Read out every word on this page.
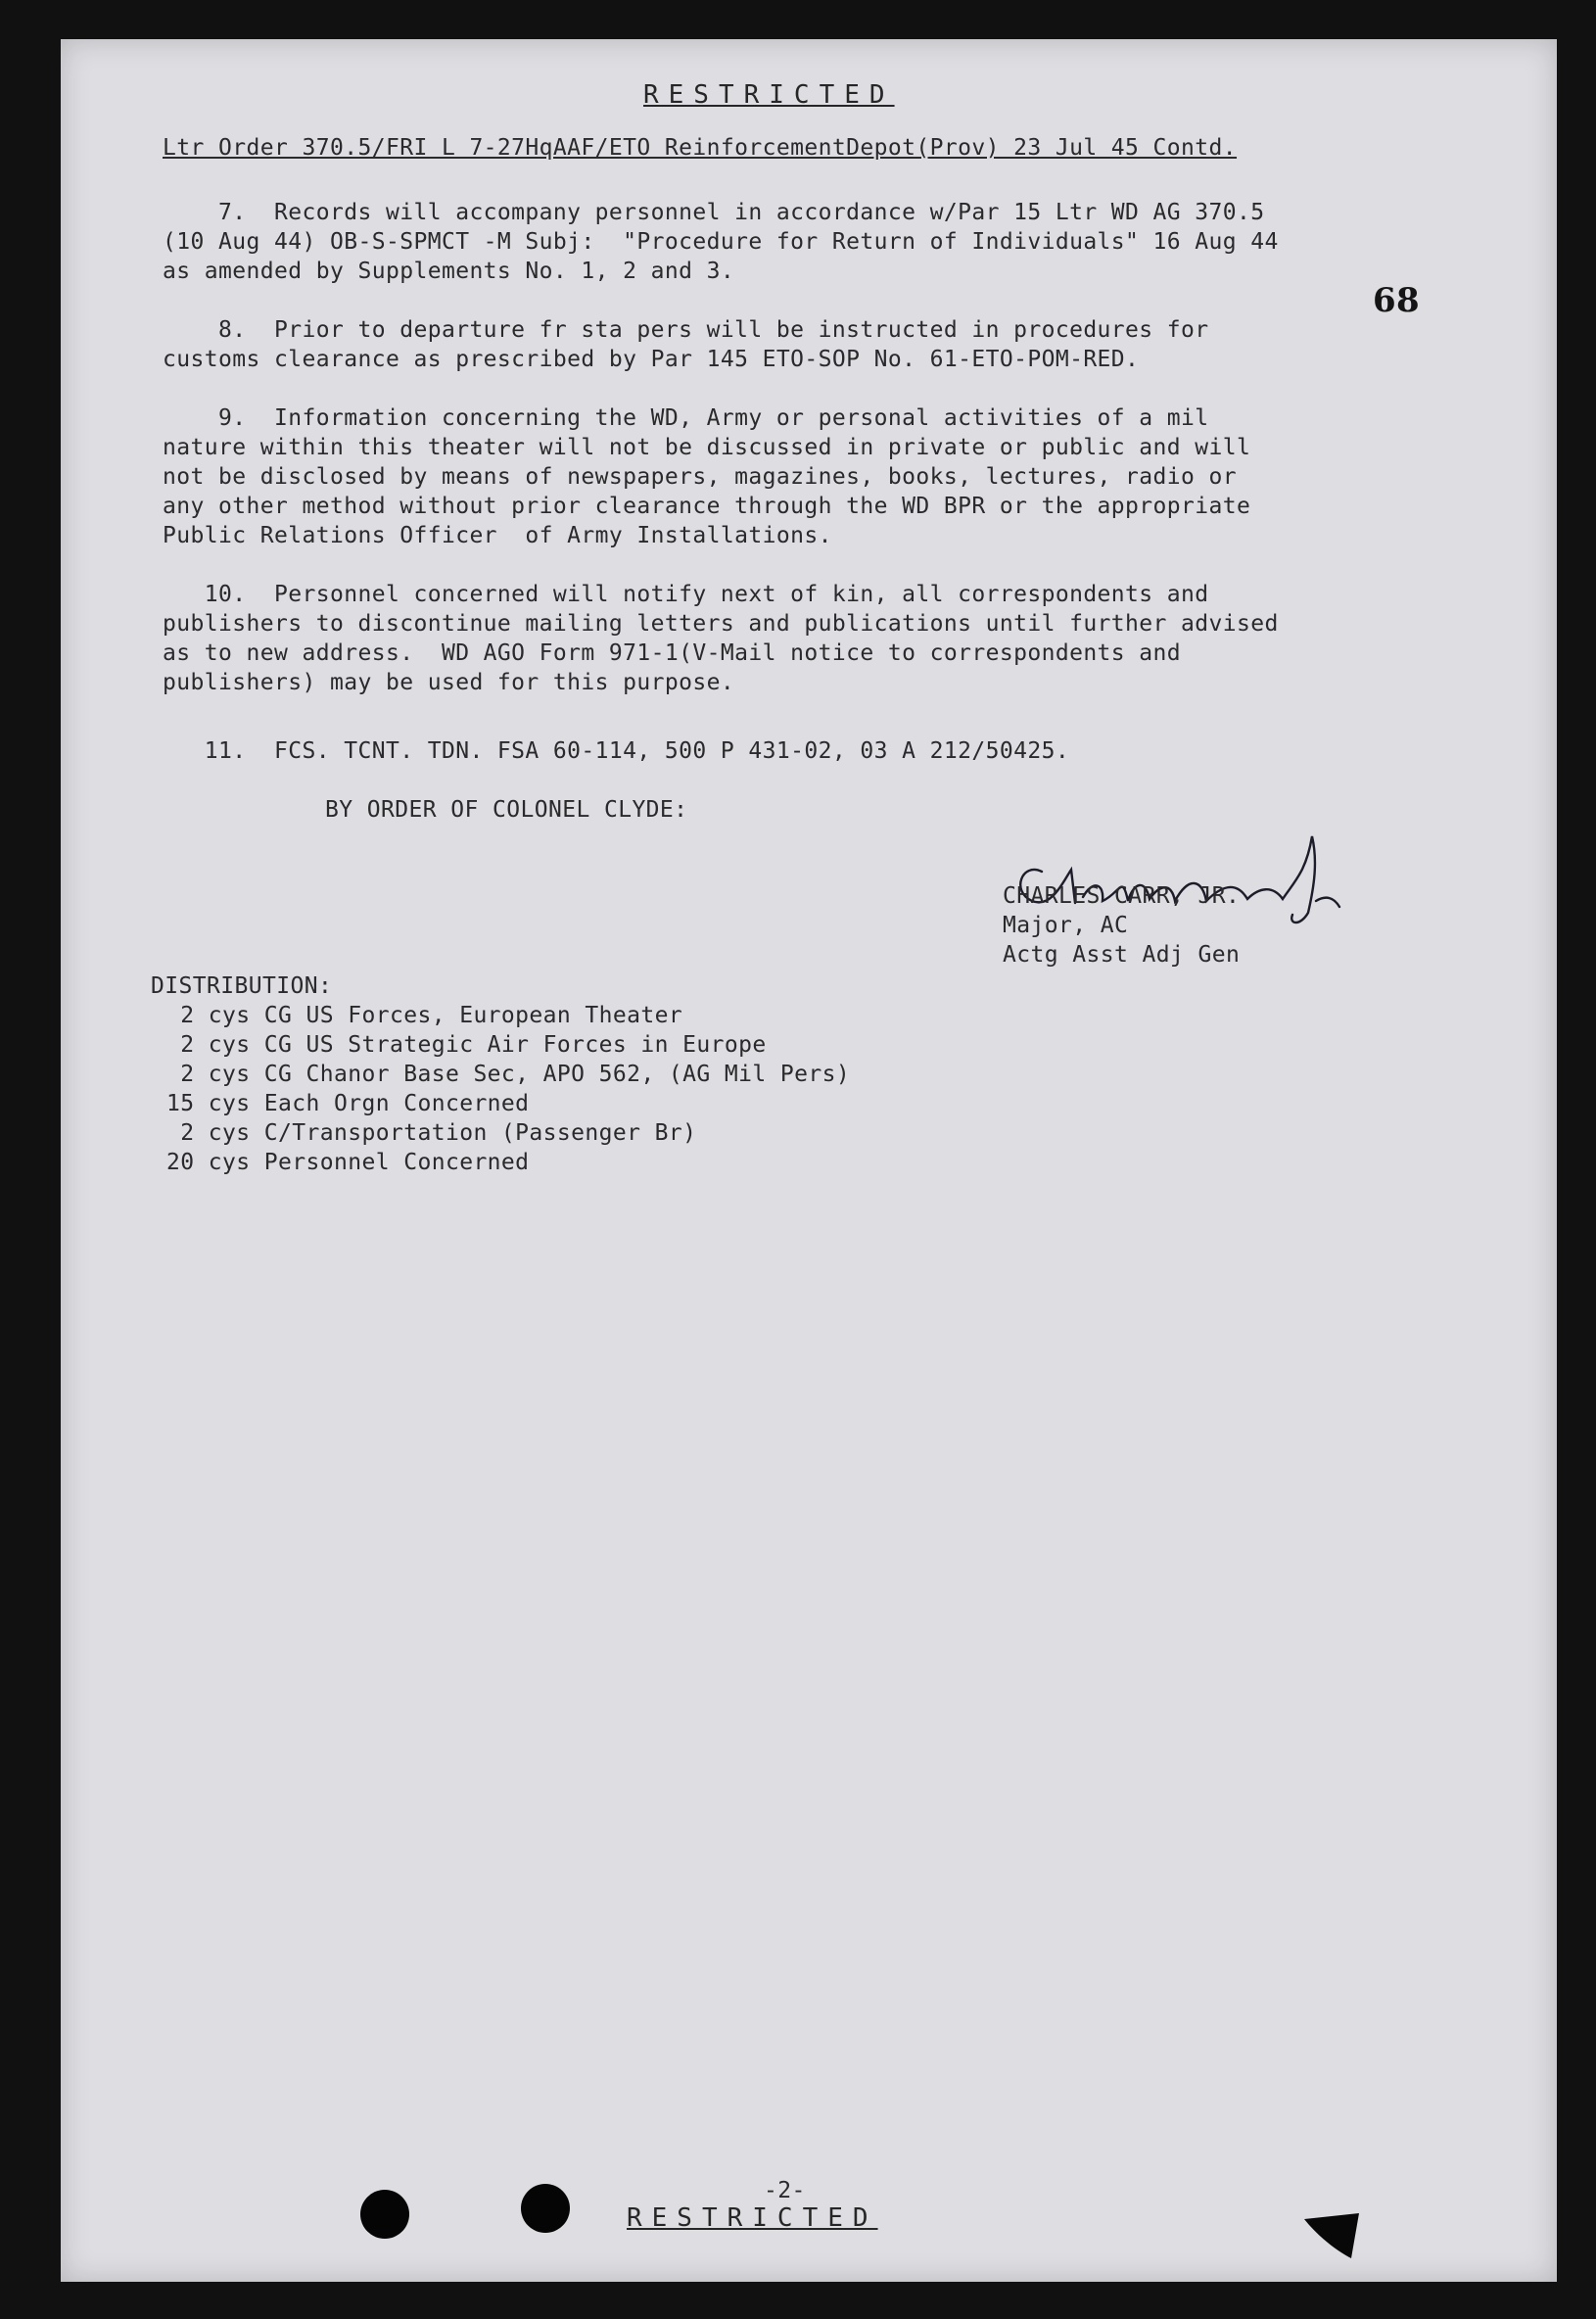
RESTRICTED

Ltr Order 370.5/FRI L 7-27HqAAF/ETO ReinforcementDepot(Prov) 23 Jul 45 Contd.

68

7.  Records will accompany personnel in accordance w/Par 15 Ltr WD AG 370.5

(10 Aug 44) OB-S-SPMCT -M Subj:  "Procedure for Return of Individuals" 16 Aug 44

as amended by Supplements No. 1, 2 and 3.

8.  Prior to departure fr sta pers will be instructed in procedures for

customs clearance as prescribed by Par 145 ETO-SOP No. 61-ETO-POM-RED.

9.  Information concerning the WD, Army or personal activities of a mil

nature within this theater will not be discussed in private or public and will

not be disclosed by means of newspapers, magazines, books, lectures, radio or

any other method without prior clearance through the WD BPR or the appropriate

Public Relations Officer  of Army Installations.

10.  Personnel concerned will notify next of kin, all correspondents and

publishers to discontinue mailing letters and publications until further advised

as to new address.  WD AGO Form 971-1(V-Mail notice to correspondents and

publishers) may be used for this purpose.

11.  FCS. TCNT. TDN. FSA 60-114, 500 P 431-02, 03 A 212/50425.

BY ORDER OF COLONEL CLYDE:

CHARLES CARR, JR.

Major, AC

Actg Asst Adj Gen

DISTRIBUTION:

2 cys CG US Forces, European Theater

2 cys CG US Strategic Air Forces in Europe

2 cys CG Chanor Base Sec, APO 562, (AG Mil Pers)

15 cys Each Orgn Concerned

2 cys C/Transportation (Passenger Br)

20 cys Personnel Concerned

-2-

RESTRICTED
